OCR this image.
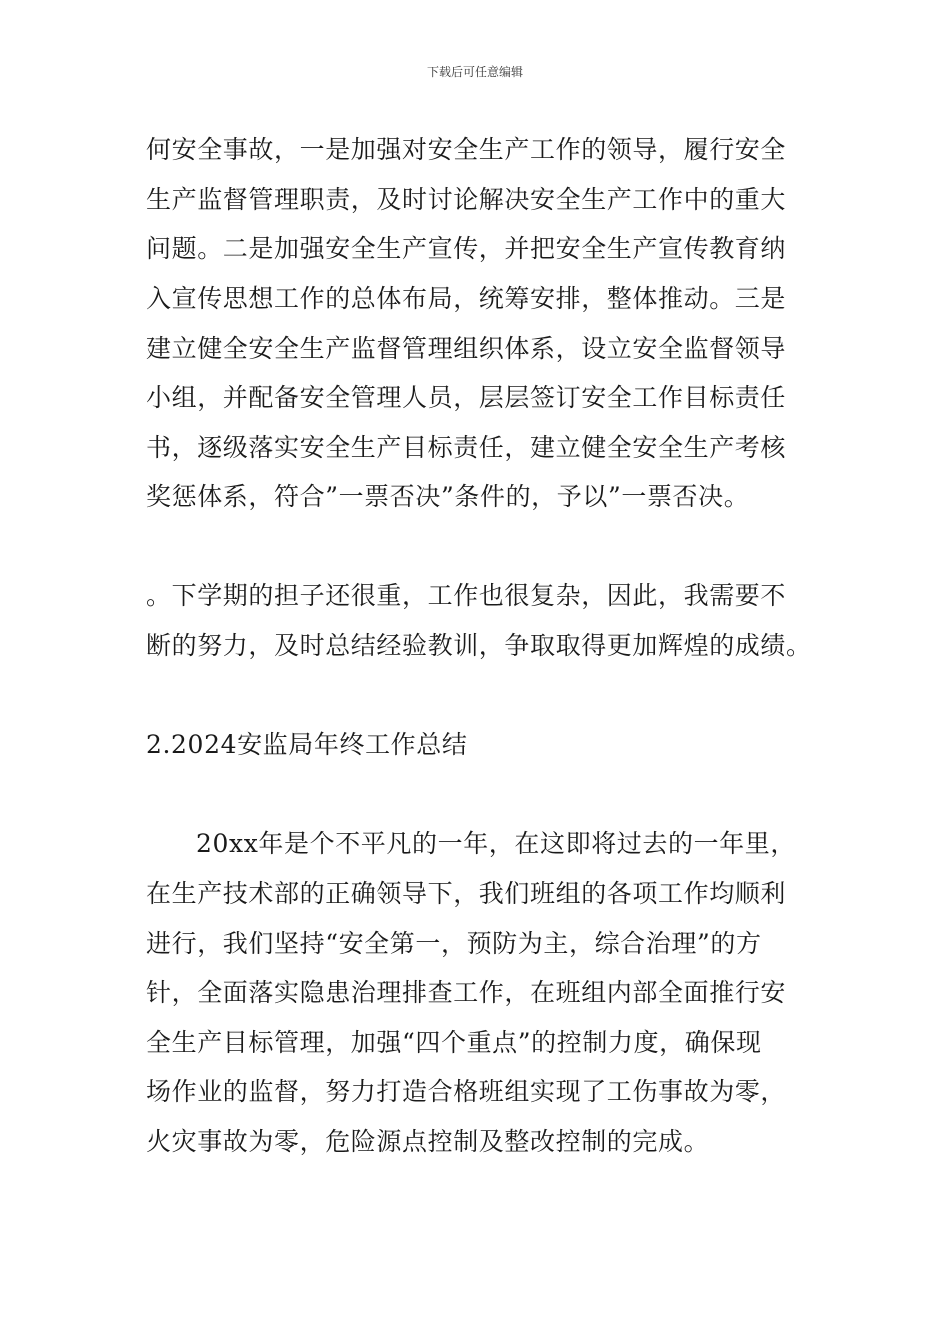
下载后可任意编辑
何安全事故，一是加强对安全生产工作的领导，履行安全
生产监督管理职责，及时讨论解决安全生产工作中的重大
问题。二是加强安全生产宣传，并把安全生产宣传教育纳
入宣传思想工作的总体布局，统筹安排，整体推动。三是
建立健全安全生产监督管理组织体系，设立安全监督领导
小组，并配备安全管理人员，层层签订安全工作目标责任
书，逐级落实安全生产目标责任，建立健全安全生产考核
奖惩体系，符合”一票否决”条件的，予以”一票否决。
。下学期的担子还很重，工作也很复杂，因此，我需要不
断的努力，及时总结经验教训，争取取得更加辉煌的成绩。
2.2024安监局年终工作总结
20xx年是个不平凡的一年，在这即将过去的一年里，
在生产技术部的正确领导下，我们班组的各项工作均顺利
进行，我们坚持“安全第一，预防为主，综合治理”的方
针，全面落实隐患治理排查工作，在班组内部全面推行安
全生产目标管理，加强“四个重点”的控制力度，确保现
场作业的监督，努力打造合格班组实现了工伤事故为零，
火灾事故为零，危险源点控制及整改控制的完成。
